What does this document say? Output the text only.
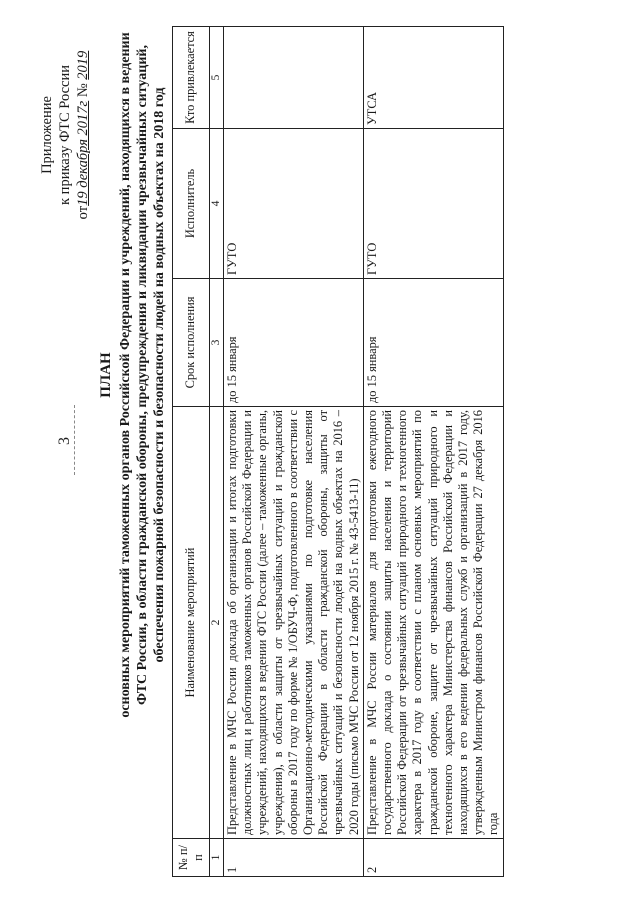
3
Приложение к приказу ФТС России
от19 декабря 2017г № 2019
ПЛАН основных мероприятий таможенных органов Российской Федерации и учреждений, находящихся в ведении ФТС России, в области гражданской обороны, предупреждения и ликвидации чрезвычайных ситуаций, обеспечения пожарной безопасности и безопасности людей на водных объектах на 2018 год
№ п/п	Наименование мероприятий	Срок исполнения	Исполнитель	Кто привлекается
1	2	3	4	5
1	Представление в МЧС России доклада об организации и итогах подготовки должностных лиц и работников таможенных органов Российской Федерации и учреждений, находящихся в ведении ФТС России (далее – таможенные органы, учреждения), в области защиты от чрезвычайных ситуаций и гражданской обороны в 2017 году по форме № 1/ОБУЧ-Ф, подготовленного в соответствии с Организационно-методическими указаниями по подготовке населения Российской Федерации в области гражданской обороны, защиты от чрезвычайных ситуаций и безопасности людей на водных объектах на 2016 – 2020 годы (письмо МЧС России от 12 ноября 2015 г. № 43-5413-11)	до 15 января	ГУТО	
2	Представление в МЧС России материалов для подготовки ежегодного государственного доклада о состоянии защиты населения и территорий Российской Федерации от чрезвычайных ситуаций природного и техногенного характера в 2017 году в соответствии с планом основных мероприятий по гражданской обороне, защите от чрезвычайных ситуаций природного и техногенного характера Министерства финансов Российской Федерации и находящихся в его ведении федеральных служб и организаций в 2017 году, утвержденным Министром финансов Российской Федерации 27 декабря 2016 года	до 15 января	ГУТО	УТСА
